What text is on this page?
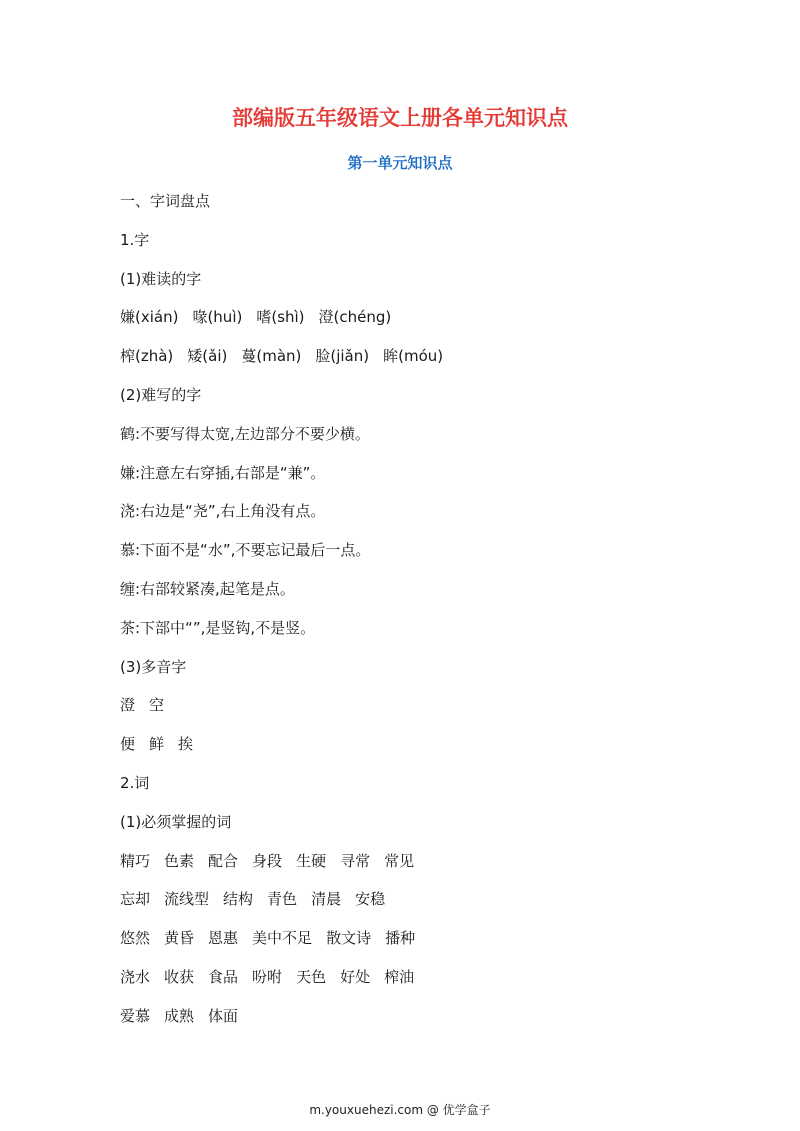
部编版五年级语文上册各单元知识点
第一单元知识点

一、字词盘点

1.字

(1)难读的字

嫌(xián) 喙(huì) 嗜(shì) 澄(chéng)

榨(zhà) 矮(ǎi) 蔓(màn) 脸(jiǎn) 眸(móu)

(2)难写的字

鹤:不要写得太宽,左边部分不要少横。

嫌:注意左右穿插,右部是“兼”。

浇:右边是“尧”,右上角没有点。

慕:下面不是“水”,不要忘记最后一点。

缠:右部较紧凑,起笔是点。

茶:下部中“”,是竖钩,不是竖。

(3)多音字

澄 空

便 鲜 挨

2.词

(1)必须掌握的词

精巧 色素 配合 身段 生硬 寻常 常见

忘却 流线型 结构 青色 清晨 安稳

悠然 黄昏 恩惠 美中不足 散文诗 播种

浇水 收获 食品 吩咐 天色 好处 榨油

爱慕 成熟 体面

m.youxuehezi.com @ 优学盒子
